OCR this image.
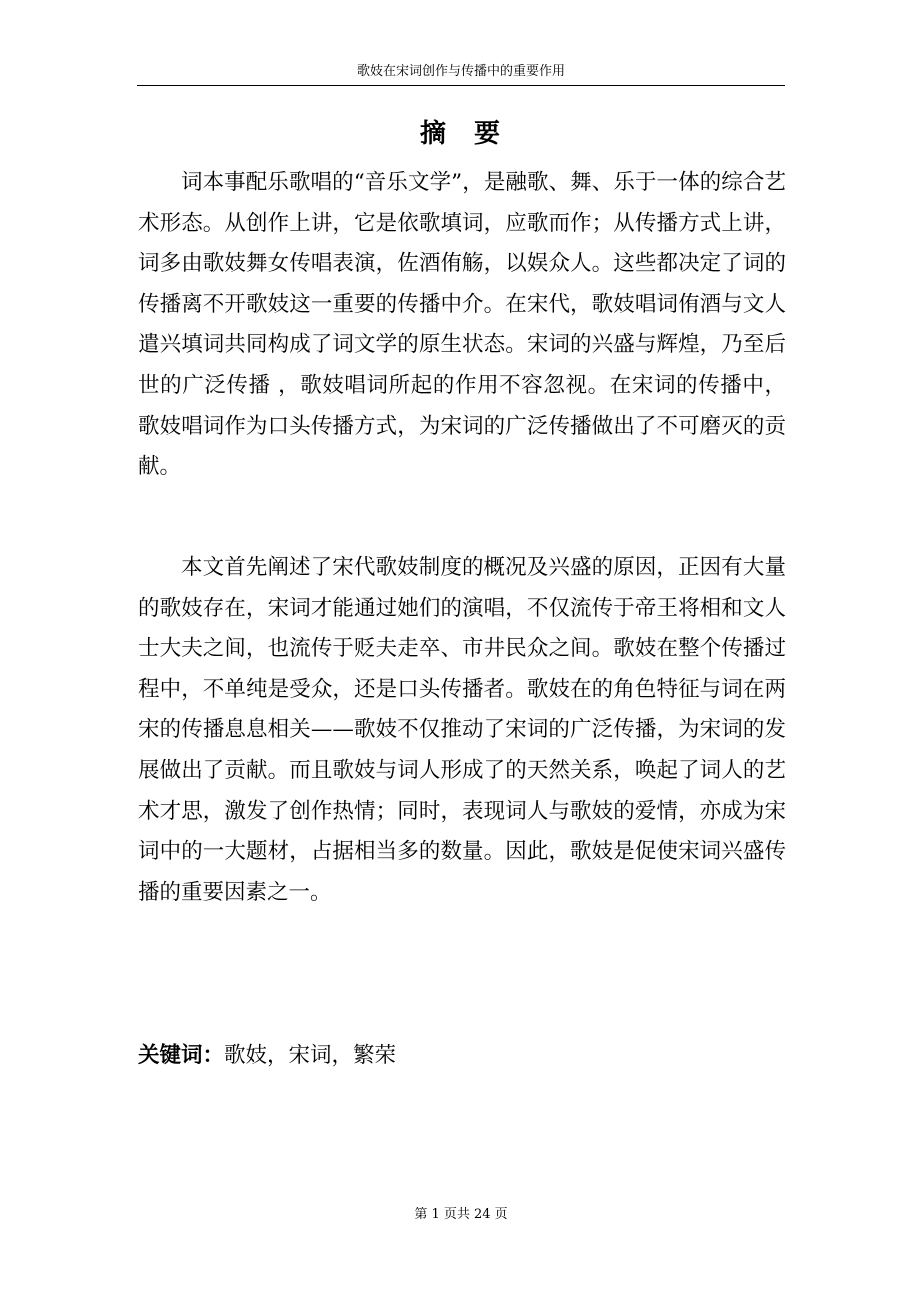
歌妓在宋词创作与传播中的重要作用
摘 要

词本事配乐歌唱的“音乐文学”，是融歌、舞、乐于一体的综合艺术形态。从创作上讲，它是依歌填词，应歌而作；从传播方式上讲，词多由歌妓舞女传唱表演，佐酒侑觞，以娱众人。这些都决定了词的传播离不开歌妓这一重要的传播中介。在宋代，歌妓唱词侑酒与文人遣兴填词共同构成了词文学的原生状态。宋词的兴盛与辉煌，乃至后世的广泛传播 ，歌妓唱词所起的作用不容忽视。在宋词的传播中，歌妓唱词作为口头传播方式，为宋词的广泛传播做出了不可磨灭的贡献。

本文首先阐述了宋代歌妓制度的概况及兴盛的原因，正因有大量的歌妓存在，宋词才能通过她们的演唱，不仅流传于帝王将相和文人士大夫之间，也流传于贬夫走卒、市井民众之间。歌妓在整个传播过程中，不单纯是受众，还是口头传播者。歌妓在的角色特征与词在两宋的传播息息相关——歌妓不仅推动了宋词的广泛传播，为宋词的发展做出了贡献。而且歌妓与词人形成了的天然关系，唤起了词人的艺术才思，激发了创作热情；同时，表现词人与歌妓的爱情，亦成为宋词中的一大题材，占据相当多的数量。因此，歌妓是促使宋词兴盛传播的重要因素之一。

关键词：歌妓，宋词，繁荣
第 1 页共 24 页
